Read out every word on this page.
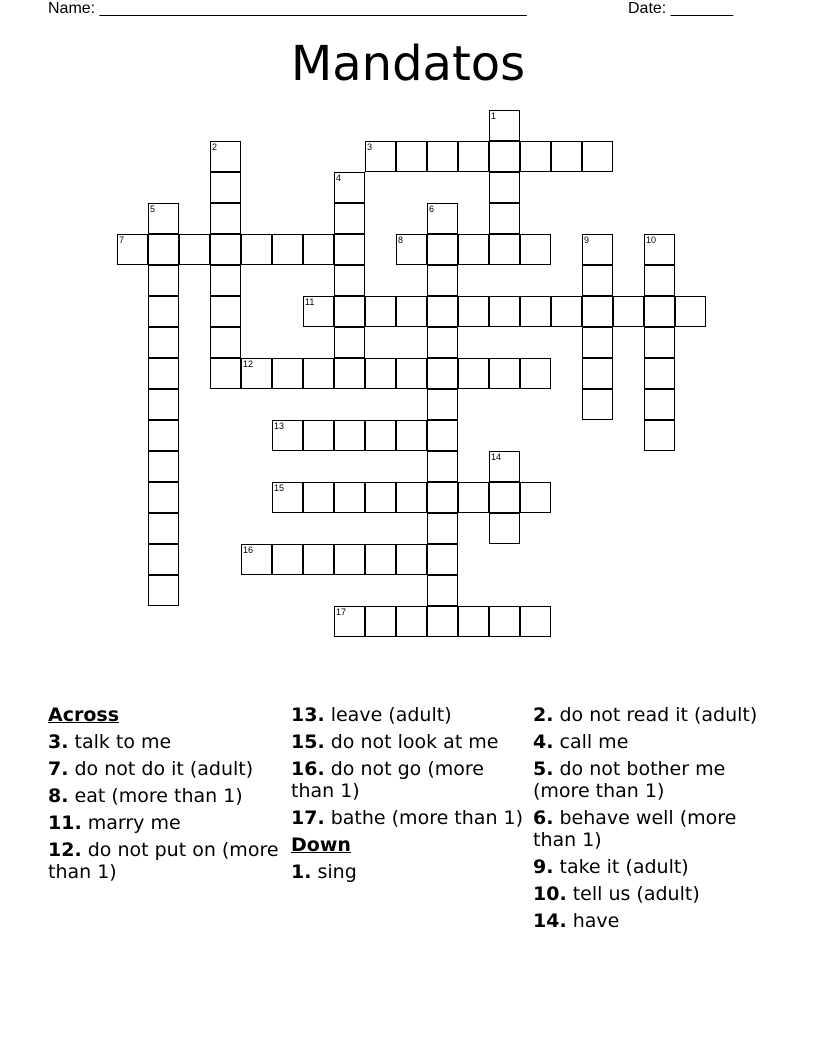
Name: ________________________________________________	Date: _______
Mandatos
1
2	3
4
5	6
7	8	9	10
11
12
13
14
15
16
17
Across
3. talk to me
7. do not do it (adult)
8. eat (more than 1)
11. marry me
12. do not put on (more than 1)
13. leave (adult)
15. do not look at me
16. do not go (more than 1)
17. bathe (more than 1)
Down
1. sing
2. do not read it (adult)
4. call me
5. do not bother me (more than 1)
6. behave well (more than 1)
9. take it (adult)
10. tell us (adult)
14. have
